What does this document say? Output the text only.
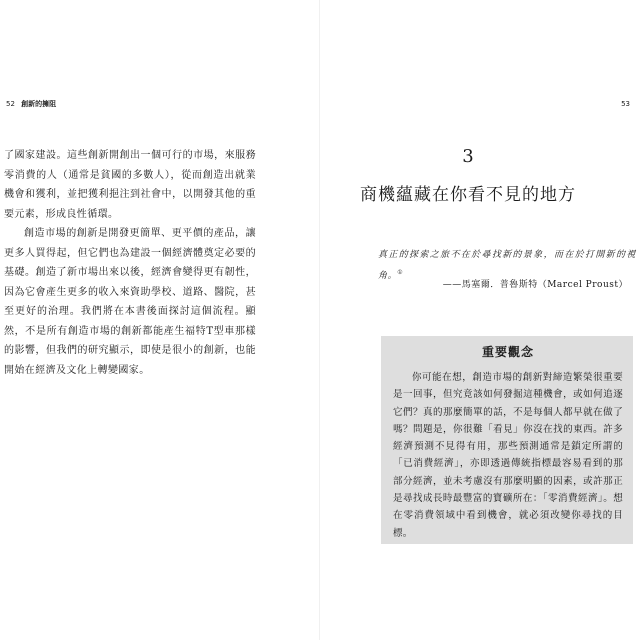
52 創新的擁阻

了國家建設。這些創新開創出一個可行的市場，來服務零消費的人（通常是貧國的多數人），從而創造出就業機會和獲利，並把獲利挹注到社會中，以開發其他的重要元素，形成良性循環。

創造市場的創新是開發更簡單、更平價的產品，讓更多人買得起，但它們也為建設一個經濟體奠定必要的基礎。創造了新市場出來以後，經濟會變得更有韌性，因為它會產生更多的收入來資助學校、道路、醫院，甚至更好的治理。我們將在本書後面探討這個流程。顯然，不是所有創造市場的創新都能產生福特T型車那樣的影響，但我們的研究顯示，即使是很小的創新，也能開始在經濟及文化上轉變國家。

53
3
商機蘊藏在你看不見的地方
真正的探索之旅不在於尋找新的景象，而在於打開新的視角。①
——馬塞爾．普魯斯特（Marcel Proust）
重要觀念

你可能在想，創造市場的創新對締造繁榮很重要是一回事，但究竟該如何發掘這種機會，或如何追逐它們？真的那麼簡單的話，不是每個人都早就在做了嗎？問題是，你很難「看見」你沒在找的東西。許多經濟預測不見得有用，那些預測通常是鎖定所謂的「已消費經濟」，亦即透過傳統指標最容易看到的那部分經濟，並未考慮沒有那麼明顯的因素，或許那正是尋找成長時最豐富的寶礦所在：「零消費經濟」。想在零消費領域中看到機會，就必須改變你尋找的目標。
